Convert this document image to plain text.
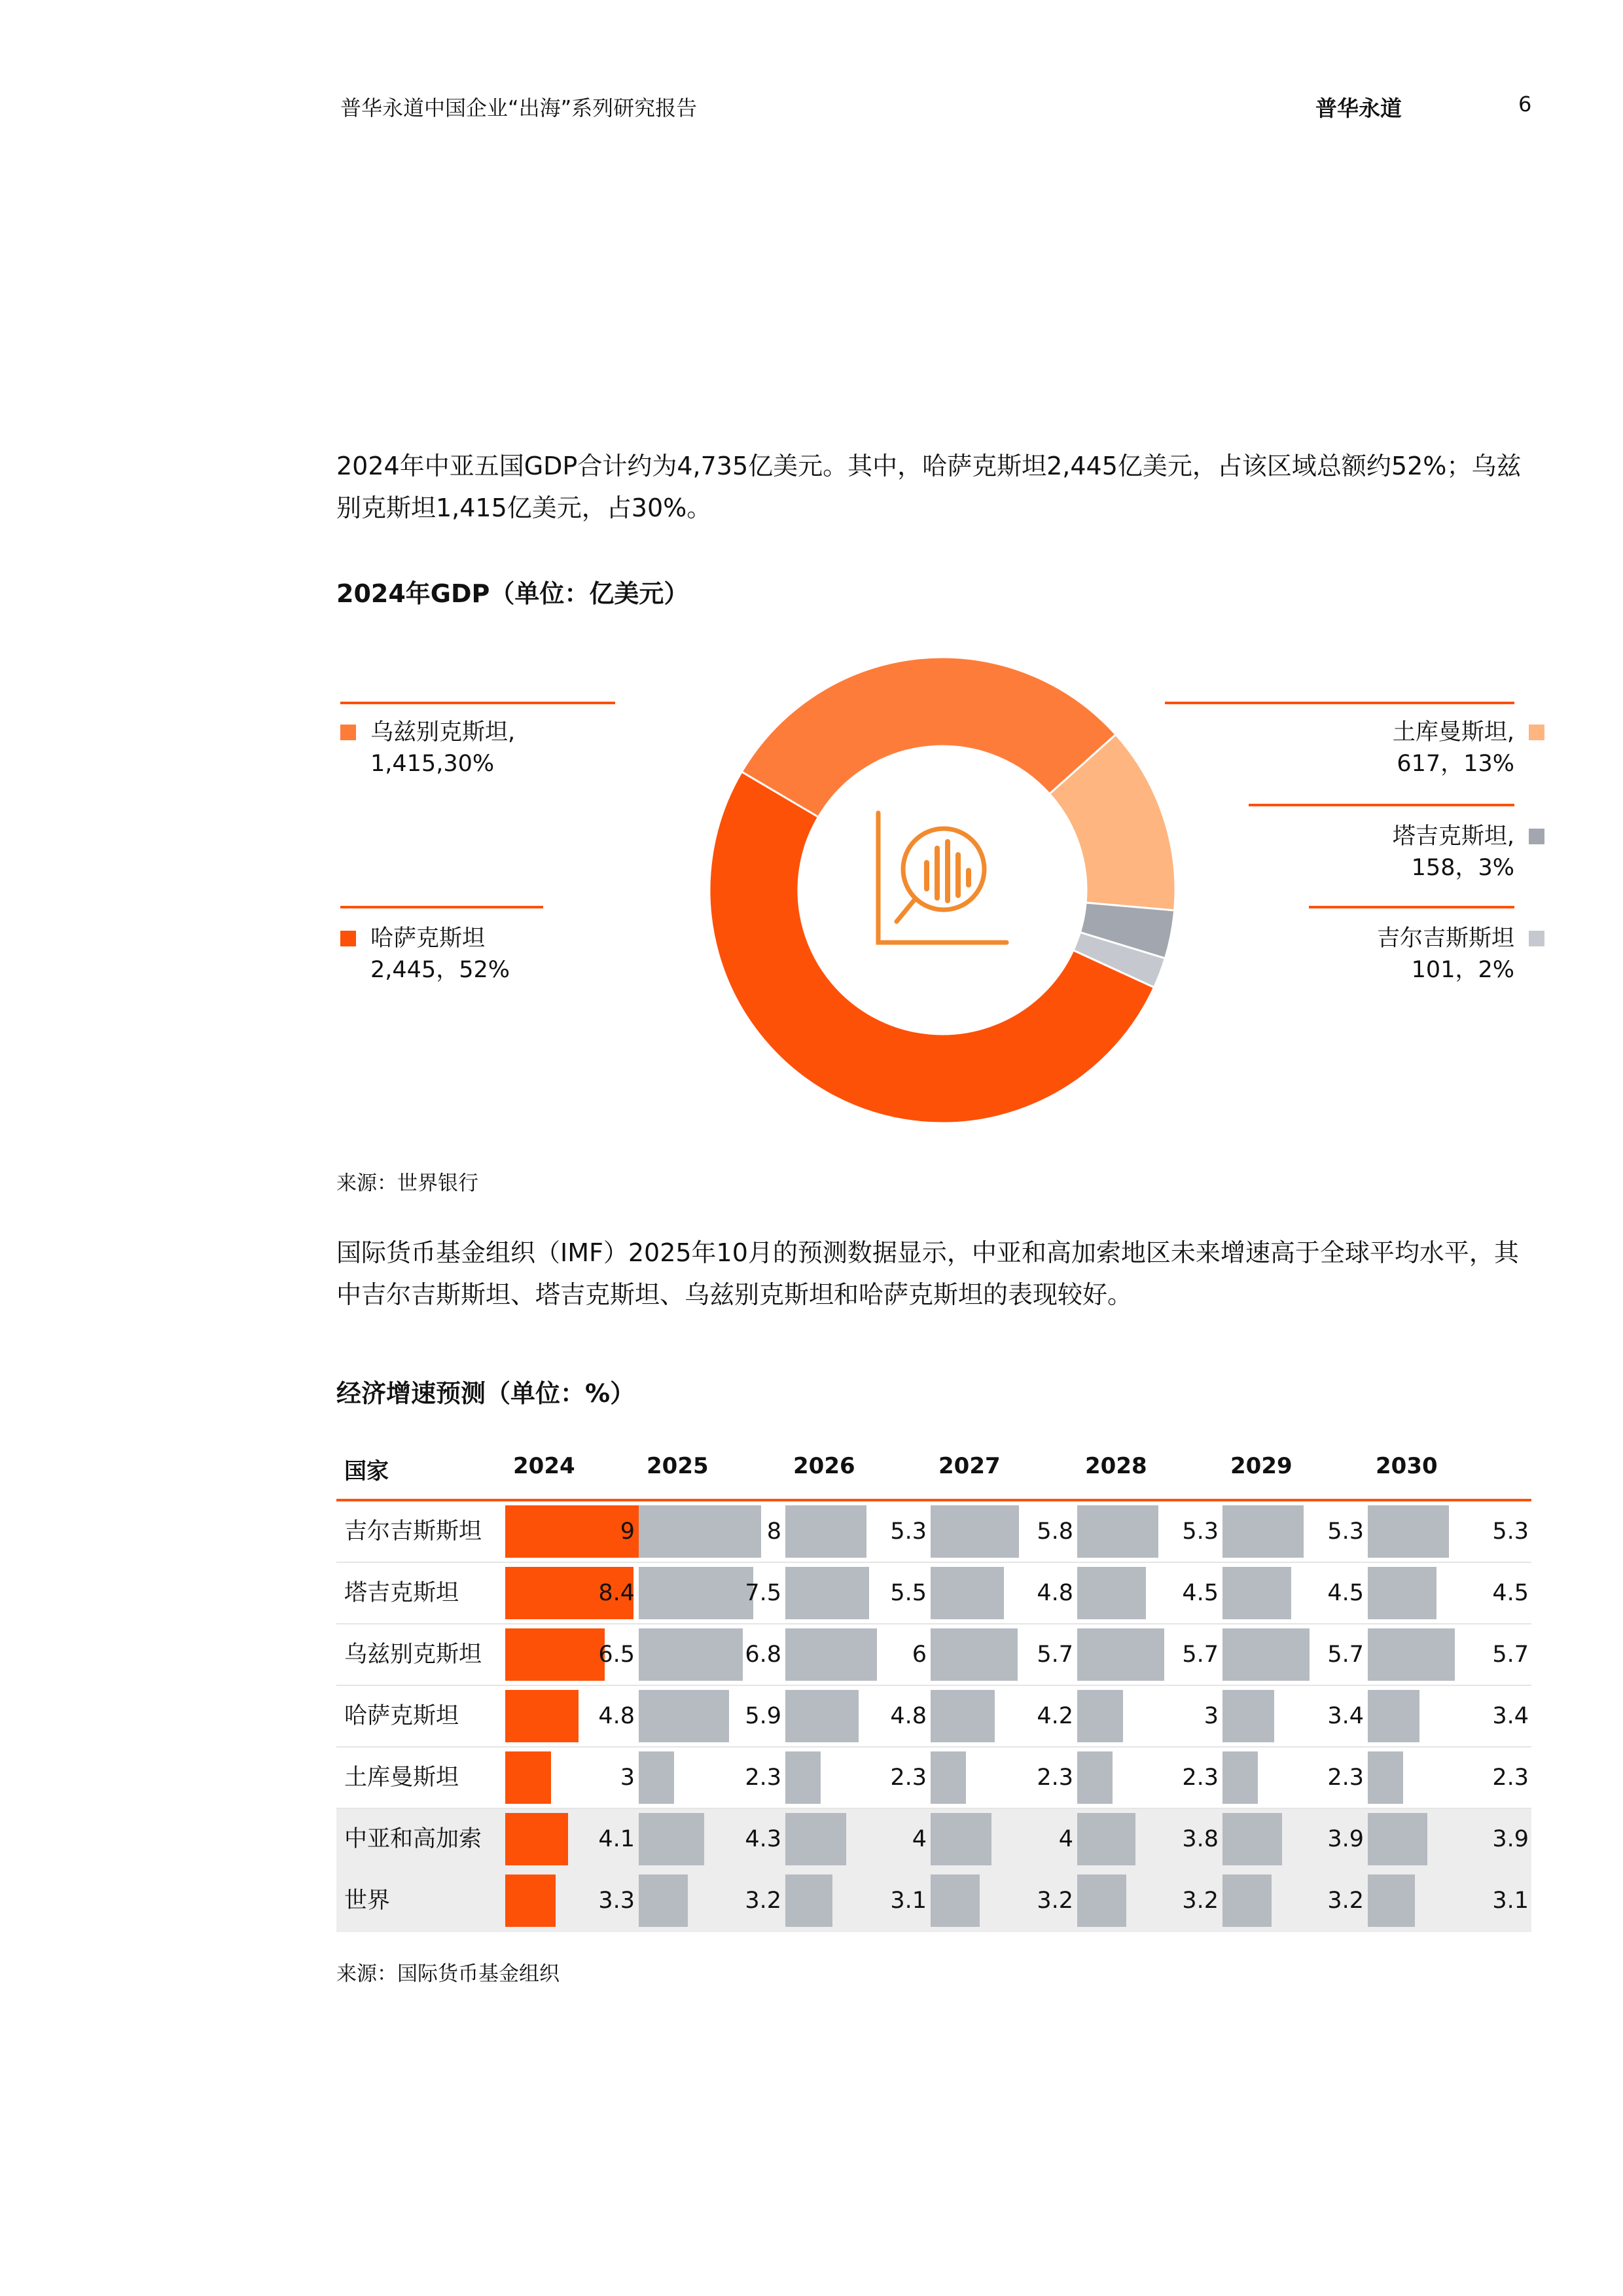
普华永道中国企业“出海”系列研究报告	普华永道	6
2024年中亚五国GDP合计约为4,735亿美元。其中，哈萨克斯坦2,445亿美元，占该区域总额约52%；乌兹别克斯坦1,415亿美元，占30%。
2024年GDP（单位：亿美元）
乌兹别克斯坦,
1,415,30%
哈萨克斯坦
2,445，52%
土库曼斯坦,
617，13%
塔吉克斯坦,
158，3%
吉尔吉斯斯坦
101，2%
来源：世界银行
国际货币基金组织（IMF）2025年10月的预测数据显示，中亚和高加索地区未来增速高于全球平均水平，其中吉尔吉斯斯坦、塔吉克斯坦、乌兹别克斯坦和哈萨克斯坦的表现较好。
经济增速预测（单位：%）
国家	2024	2025	2026	2027	2028	2029	2030
吉尔吉斯斯坦	9	8	5.3	5.8	5.3	5.3	5.3
塔吉克斯坦	8.4	7.5	5.5	4.8	4.5	4.5	4.5
乌兹别克斯坦	6.5	6.8	6	5.7	5.7	5.7	5.7
哈萨克斯坦	4.8	5.9	4.8	4.2	3	3.4	3.4
土库曼斯坦	3	2.3	2.3	2.3	2.3	2.3	2.3
中亚和高加索	4.1	4.3	4	4	3.8	3.9	3.9
世界	3.3	3.2	3.1	3.2	3.2	3.2	3.1
来源：国际货币基金组织
